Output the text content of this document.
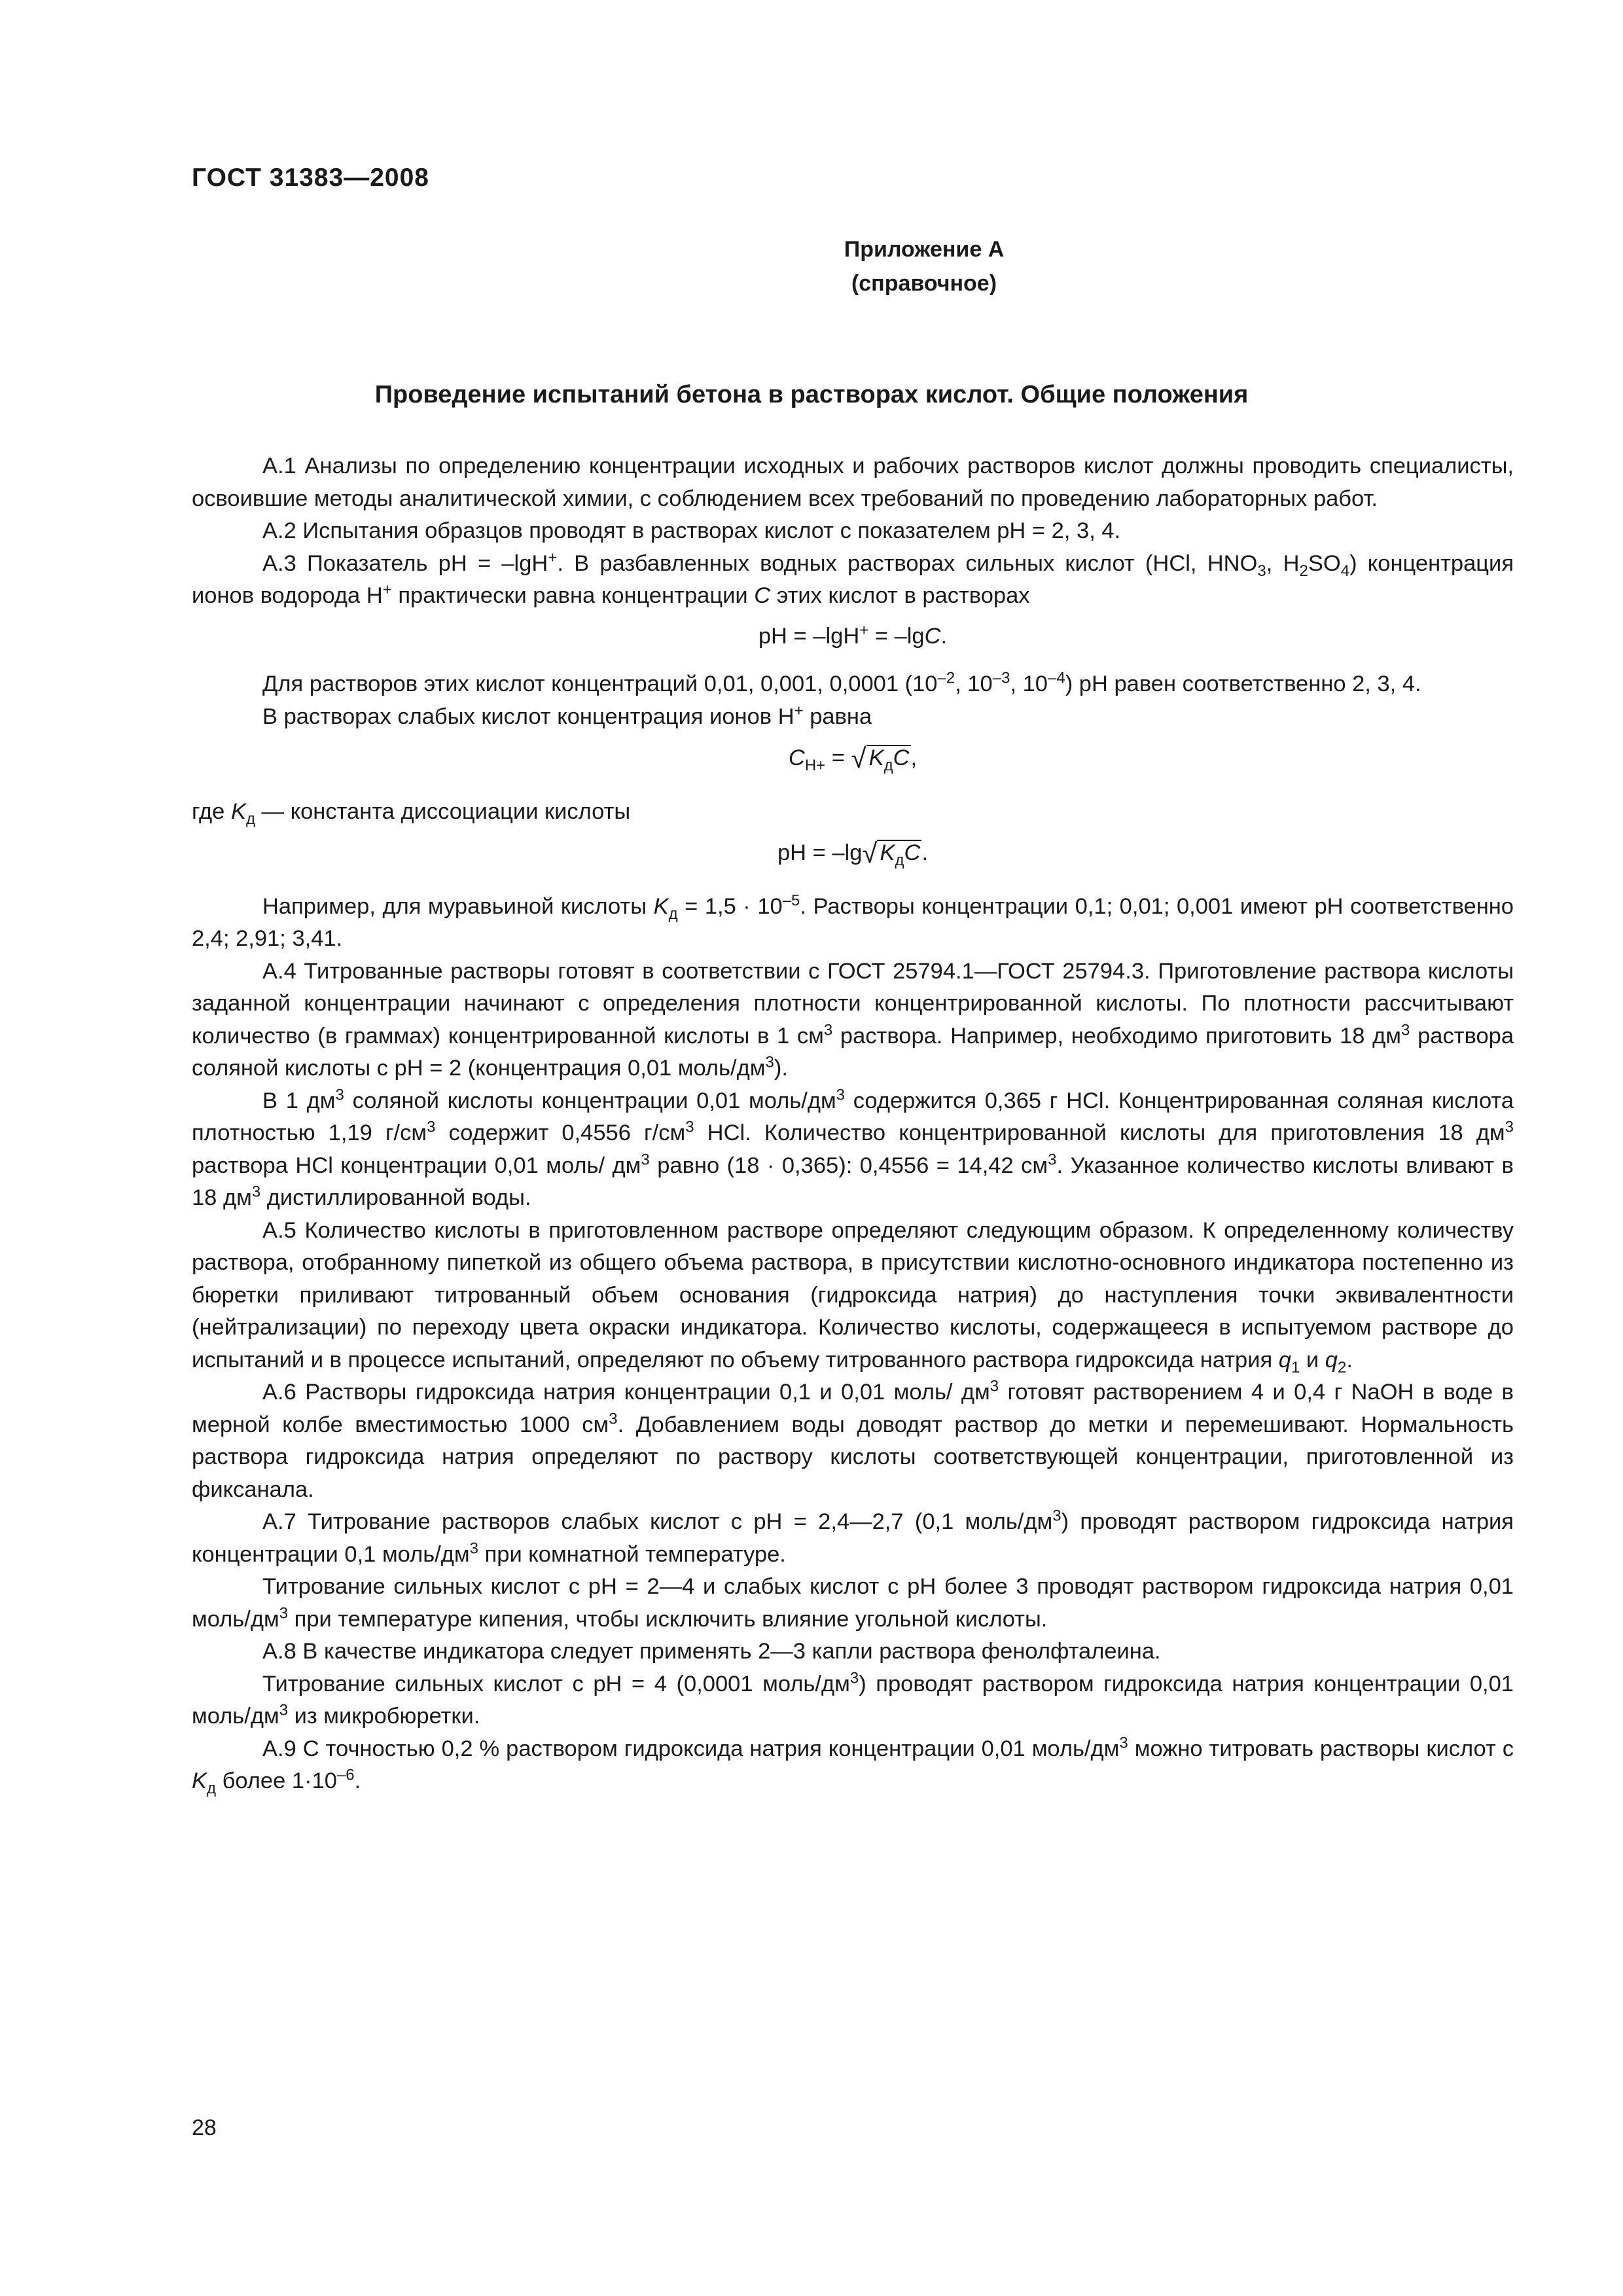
ГОСТ 31383—2008
Приложение А
(справочное)
Проведение испытаний бетона в растворах кислот. Общие положения

А.1 Анализы по определению концентрации исходных и рабочих растворов кислот должны проводить специалисты, освоившие методы аналитической химии, с соблюдением всех требований по проведению лабораторных работ.

А.2 Испытания образцов проводят в растворах кислот с показателем pH = 2, 3, 4.

А.3 Показатель pH = –lgH+. В разбавленных водных растворах сильных кислот (HCl, $HNO_3$, $H_2SO_4$) концентрация ионов водорода H+ практически равна концентрации C этих кислот в растворах

pH = –lgH+ = –lgC.

Для растворов этих кислот концентраций 0,01, 0,001, 0,0001 ($10^{-2}$, $10^{-3}$, $10^{-4}$) pH равен соответственно 2, 3, 4.

В растворах слабых кислот концентрация ионов H+ равна

$C_{H+}$ = √ $K_дC$,

где $K_д$ — константа диссоциации кислоты

pH = –lg√ $K_дC$.

Например, для муравьиной кислоты $K_д = 1,5 \cdot 10^{-5}$. Растворы концентрации 0,1; 0,01; 0,001 имеют pH соответственно 2,4; 2,91; 3,41.

А.4 Титрованные растворы готовят в соответствии с ГОСТ 25794.1—ГОСТ 25794.3. Приготовление раствора кислоты заданной концентрации начинают с определения плотности концентрированной кислоты. По плотности рассчитывают количество (в граммах) концентрированной кислоты в 1 $см^3$ раствора. Например, необходимо приготовить 18 $дм^3$ раствора соляной кислоты с pH = 2 (концентрация 0,01 моль/$дм^3$).

В 1 $дм^3$ соляной кислоты концентрации 0,01 моль/$дм^3$ содержится 0,365 г HCl. Концентрированная соляная кислота плотностью 1,19 $г/см^3$ содержит 0,4556 $г/см^3$ HCl. Количество концентрированной кислоты для приготовления 18 $дм^3$ раствора HCl концентрации 0,01 моль/ $дм^3$ равно (18 · 0,365): 0,4556 = 14,42 $см^3$. Указанное количество кислоты вливают в 18 $дм^3$ дистиллированной воды.

А.5 Количество кислоты в приготовленном растворе определяют следующим образом. К определенному количеству раствора, отобранному пипеткой из общего объема раствора, в присутствии кислотно-основного индикатора постепенно из бюретки приливают титрованный объем основания (гидроксида натрия) до наступления точки эквивалентности (нейтрализации) по переходу цвета окраски индикатора. Количество кислоты, содержащееся в испытуемом растворе до испытаний и в процессе испытаний, определяют по объему титрованного раствора гидроксида натрия $q_1$ и $q_2$.

А.6 Растворы гидроксида натрия концентрации 0,1 и 0,01 моль/ $дм^3$ готовят растворением 4 и 0,4 г NaOH в воде в мерной колбе вместимостью 1000 $см^3$. Добавлением воды доводят раствор до метки и перемешивают. Нормальность раствора гидроксида натрия определяют по раствору кислоты соответствующей концентрации, приготовленной из фиксанала.

А.7 Титрование растворов слабых кислот с pH = 2,4—2,7 (0,1 моль/$дм^3$) проводят раствором гидроксида натрия концентрации 0,1 моль/$дм^3$ при комнатной температуре.

Титрование сильных кислот с pH = 2—4 и слабых кислот с pH более 3 проводят раствором гидроксида натрия 0,01 моль/$дм^3$ при температуре кипения, чтобы исключить влияние угольной кислоты.

А.8 В качестве индикатора следует применять 2—3 капли раствора фенолфталеина.

Титрование сильных кислот с pH = 4 (0,0001 моль/$дм^3$) проводят раствором гидроксида натрия концентрации 0,01 моль/$дм^3$ из микробюретки.

А.9 С точностью 0,2 % раствором гидроксида натрия концентрации 0,01 моль/$дм^3$ можно титровать растворы кислот с $K_д$ более $1\cdot 10^{-6}$.

28
